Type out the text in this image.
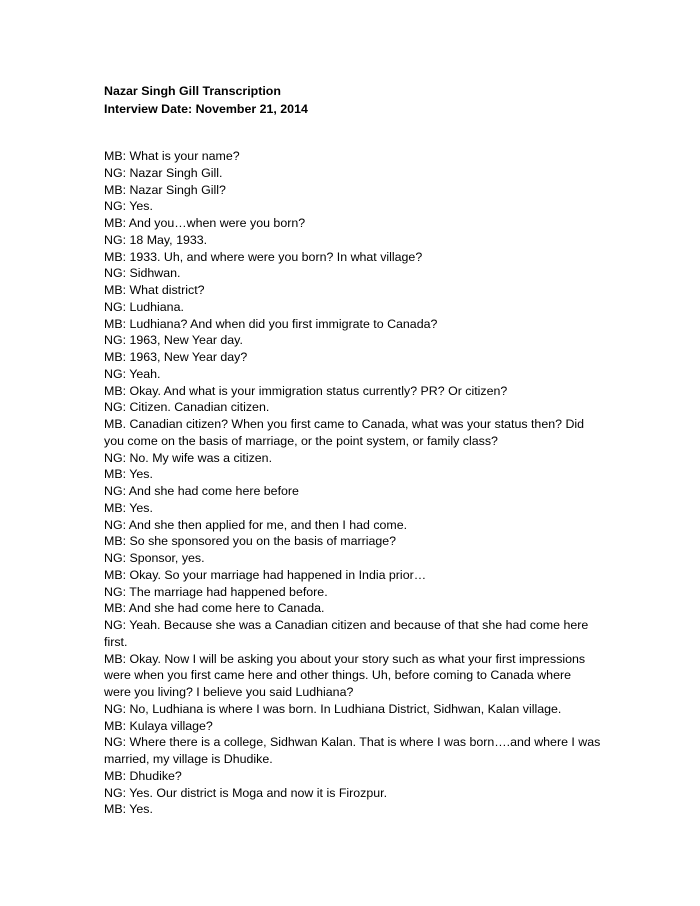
Nazar Singh Gill Transcription
Interview Date: November 21, 2014
MB: What is your name?
NG: Nazar Singh Gill.
MB: Nazar Singh Gill?
NG: Yes.
MB: And you…when were you born?
NG: 18 May, 1933.
MB: 1933. Uh, and where were you born? In what village?
NG: Sidhwan.
MB: What district?
NG: Ludhiana.
MB: Ludhiana? And when did you first immigrate to Canada?
NG: 1963, New Year day.
MB: 1963, New Year day?
NG: Yeah.
MB: Okay. And what is your immigration status currently? PR? Or citizen?
NG: Citizen. Canadian citizen.
MB. Canadian citizen? When you first came to Canada, what was your status then? Did
you come on the basis of marriage, or the point system, or family class?
NG: No. My wife was a citizen.
MB: Yes.
NG: And she had come here before
MB: Yes.
NG: And she then applied for me, and then I had come.
MB: So she sponsored you on the basis of marriage?
NG: Sponsor, yes.
MB: Okay. So your marriage had happened in India prior…
NG: The marriage had happened before.
MB: And she had come here to Canada.
NG: Yeah. Because she was a Canadian citizen and because of that she had come here
first.
MB: Okay. Now I will be asking you about your story such as what your first impressions
were when you first came here and other things. Uh, before coming to Canada where
were you living? I believe you said Ludhiana?
NG: No, Ludhiana is where I was born. In Ludhiana District, Sidhwan, Kalan village.
MB: Kulaya village?
NG: Where there is a college, Sidhwan Kalan. That is where I was born….and where I was
married, my village is Dhudike.
MB: Dhudike?
NG: Yes. Our district is Moga and now it is Firozpur.
MB: Yes.
